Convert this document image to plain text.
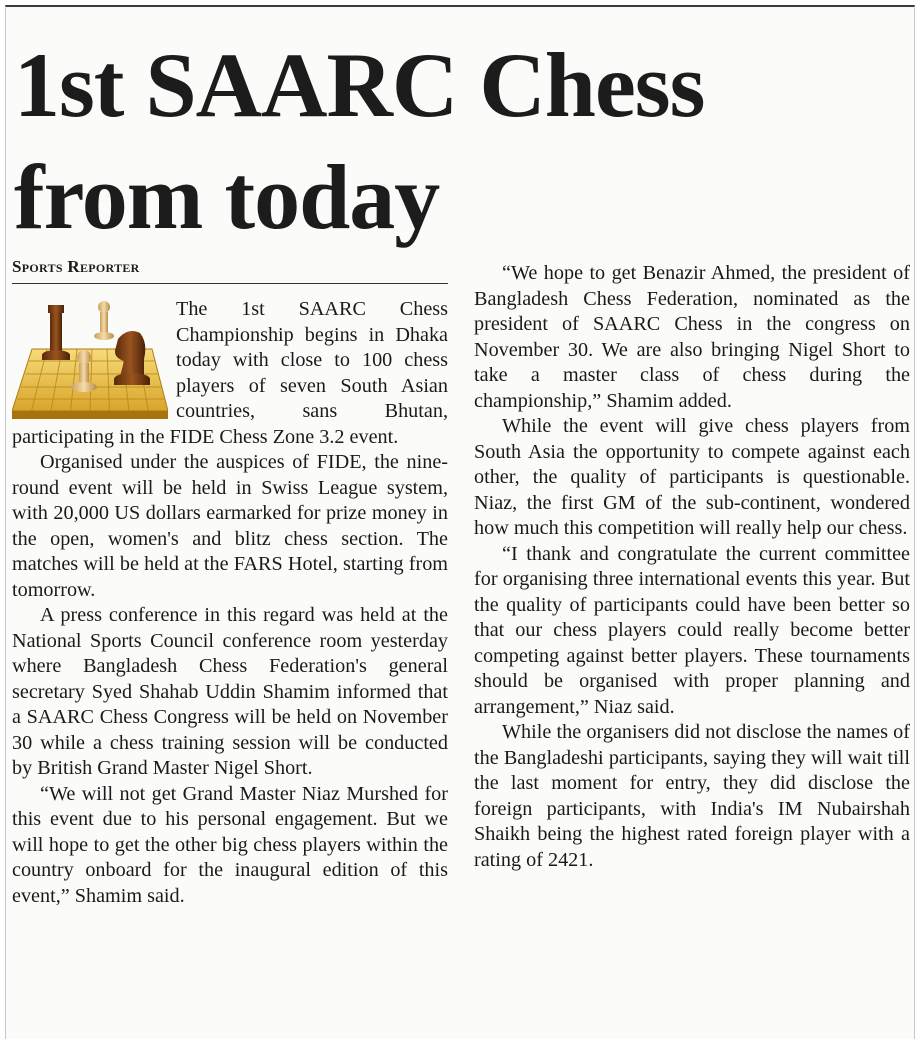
1st SAARC Chess
from today
Sports Reporter

The 1st SAARC Chess Championship begins in Dhaka today with close to 100 chess players of seven South Asian countries, sans Bhutan, participating in the FIDE Chess Zone 3.2 event.

Organised under the auspices of FIDE, the nine-round event will be held in Swiss League system, with 20,000 US dollars earmarked for prize money in the open, women's and blitz chess section. The matches will be held at the FARS Hotel, starting from tomorrow.

A press conference in this regard was held at the National Sports Council conference room yesterday where Bangladesh Chess Federation's general secretary Syed Shahab Uddin Shamim informed that a SAARC Chess Congress will be held on November 30 while a chess training session will be conducted by British Grand Master Nigel Short.

“We will not get Grand Master Niaz Murshed for this event due to his personal engagement. But we will hope to get the other big chess players within the country onboard for the inaugural edition of this event,” Shamim said.

“We hope to get Benazir Ahmed, the president of Bangladesh Chess Federation, nominated as the president of SAARC Chess in the congress on November 30. We are also bringing Nigel Short to take a master class of chess during the championship,” Shamim added.

While the event will give chess players from South Asia the opportunity to compete against each other, the quality of participants is questionable. Niaz, the first GM of the sub-continent, wondered how much this competition will really help our chess.

“I thank and congratulate the current committee for organising three international events this year. But the quality of participants could have been better so that our chess players could really become better competing against better players. These tournaments should be organised with proper planning and arrangement,” Niaz said.

While the organisers did not disclose the names of the Bangladeshi participants, saying they will wait till the last moment for entry, they did disclose the foreign participants, with India's IM Nubairshah Shaikh being the highest rated foreign player with a rating of 2421.
